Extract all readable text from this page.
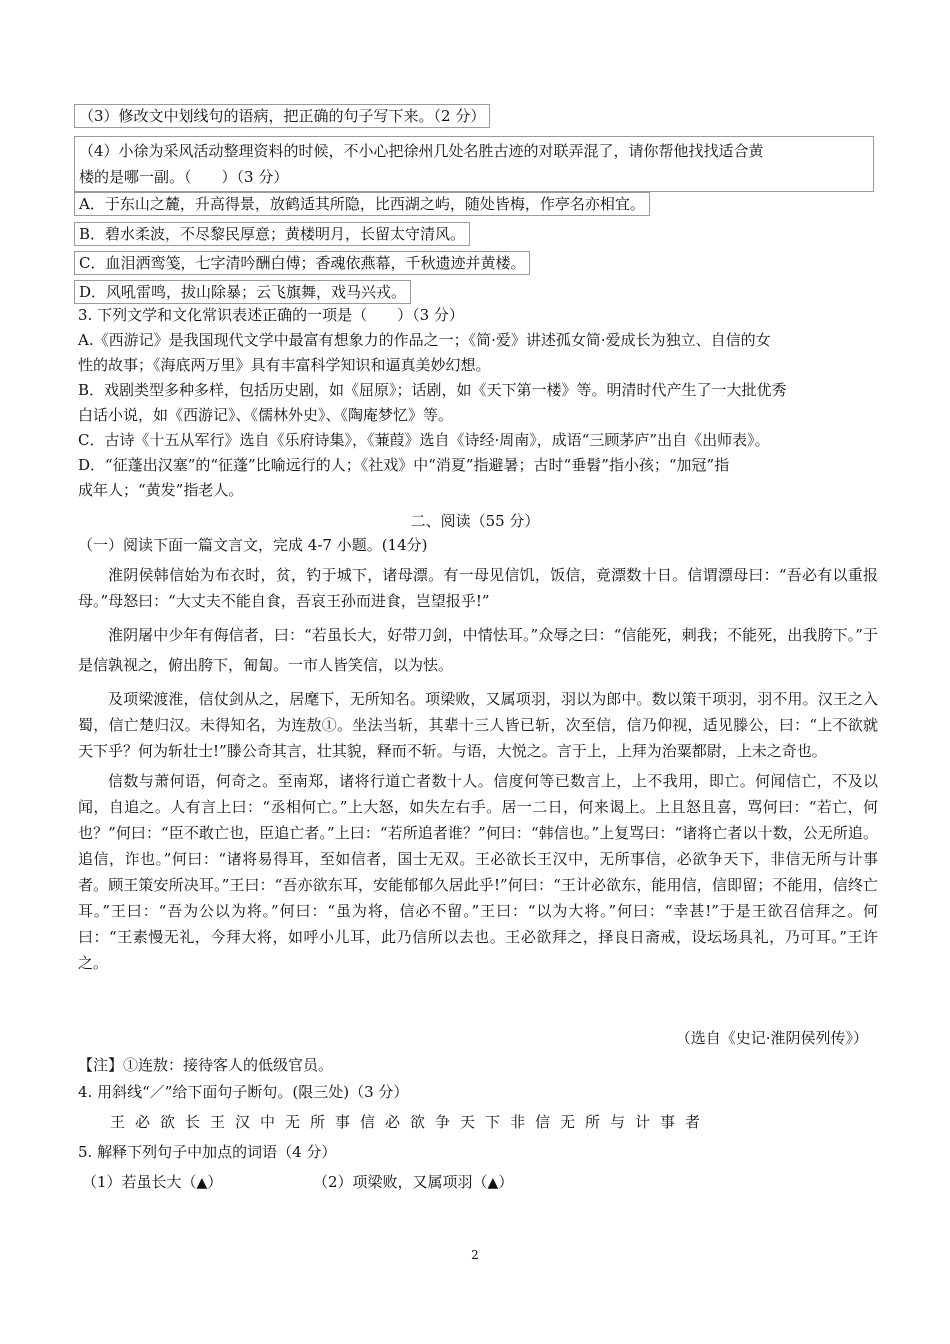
（3）修改文中划线句的语病，把正确的句子写下来。（2 分）
（4）小徐为采风活动整理资料的时候，不小心把徐州几处名胜古迹的对联弄混了，请你帮他找找适合黄
楼的是哪一副。（　　）（3 分）
A．于东山之麓，升高得景，放鹤适其所隐，比西湖之屿，随处皆梅，作亭名亦相宜。
B．碧水柔波，不尽黎民厚意；黄楼明月，长留太守清风。
C．血泪洒鸾笺，七字清吟酬白傅；香魂依燕幕，千秋遗迹并黄楼。
D．风吼雷鸣，拔山除暴；云飞旗舞，戏马兴戎。
3. 下列文学和文化常识表述正确的一项是（　　）（3 分）
A.《西游记》是我国现代文学中最富有想象力的作品之一；《简·爱》讲述孤女简·爱成长为独立、自信的女
性的故事；《海底两万里》具有丰富科学知识和逼真美妙幻想。
B．戏剧类型多种多样，包括历史剧，如《屈原》；话剧，如《天下第一楼》等。明清时代产生了一大批优秀
白话小说，如《西游记》、《儒林外史》、《陶庵梦忆》等。
C．古诗《十五从军行》选自《乐府诗集》，《蒹葭》选自《诗经·周南》，成语“三顾茅庐”出自《出师表》。
D．“征蓬出汉塞”的“征蓬”比喻远行的人；《社戏》中“消夏”指避暑；古时“垂髫”指小孩；“加冠”指
成年人；“黄发”指老人。
二、阅读（55 分）
（一）阅读下面一篇文言文，完成 4-7 小题。(14分)

淮阴侯韩信始为布衣时，贫，钓于城下，诸母漂。有一母见信饥，饭信，竟漂数十日。信谓漂母曰：“吾必有以重报母。”母怒曰：“大丈夫不能自食，吾哀王孙而进食，岂望报乎!”

淮阴屠中少年有侮信者，曰：“若虽长大，好带刀剑，中情怯耳。”众辱之曰：“信能死，刺我；不能死，出我胯下。”于是信孰视之，俯出胯下，匍匐。一市人皆笑信，以为怯。

及项梁渡淮，信仗剑从之，居麾下，无所知名。项梁败，又属项羽，羽以为郎中。数以策干项羽，羽不用。汉王之入蜀，信亡楚归汉。未得知名，为连敖①。坐法当斩，其辈十三人皆已斩，次至信，信乃仰视，适见滕公，曰：“上不欲就天下乎？何为斩壮士!”滕公奇其言，壮其貌，释而不斩。与语，大悦之。言于上，上拜为治粟都尉，上未之奇也。

信数与萧何语，何奇之。至南郑，诸将行道亡者数十人。信度何等已数言上，上不我用，即亡。何闻信亡，不及以闻，自追之。人有言上曰：“丞相何亡。”上大怒，如失左右手。居一二日，何来谒上。上且怒且喜，骂何曰：“若亡，何也？”何曰：“臣不敢亡也，臣追亡者。”上曰：“若所追者谁？”何曰：“韩信也。”上复骂曰：“诸将亡者以十数，公无所追。追信，诈也。”何曰：“诸将易得耳，至如信者，国士无双。王必欲长王汉中，无所事信，必欲争天下，非信无所与计事者。顾王策安所决耳。”王曰：“吾亦欲东耳，安能郁郁久居此乎!”何曰：“王计必欲东，能用信，信即留；不能用，信终亡耳。”王曰：“吾为公以为将。”何曰：“虽为将，信必不留。”王曰：“以为大将。”何曰：“幸甚!”于是王欲召信拜之。何曰：“王素慢无礼，今拜大将，如呼小儿耳，此乃信所以去也。王必欲拜之，择良日斋戒，设坛场具礼，乃可耳。”王许之。

（选自《史记·淮阴侯列传》）
【注】①连敖：接待客人的低级官员。
4. 用斜线“／”给下面句子断句。(限三处)（3 分）
王必欲长王汉中无所事信必欲争天下非信无所与计事者
5. 解释下列句子中加点的词语（4 分）
（1）若虽长大（▲）	（2）项梁败，又属项羽（▲）
2
